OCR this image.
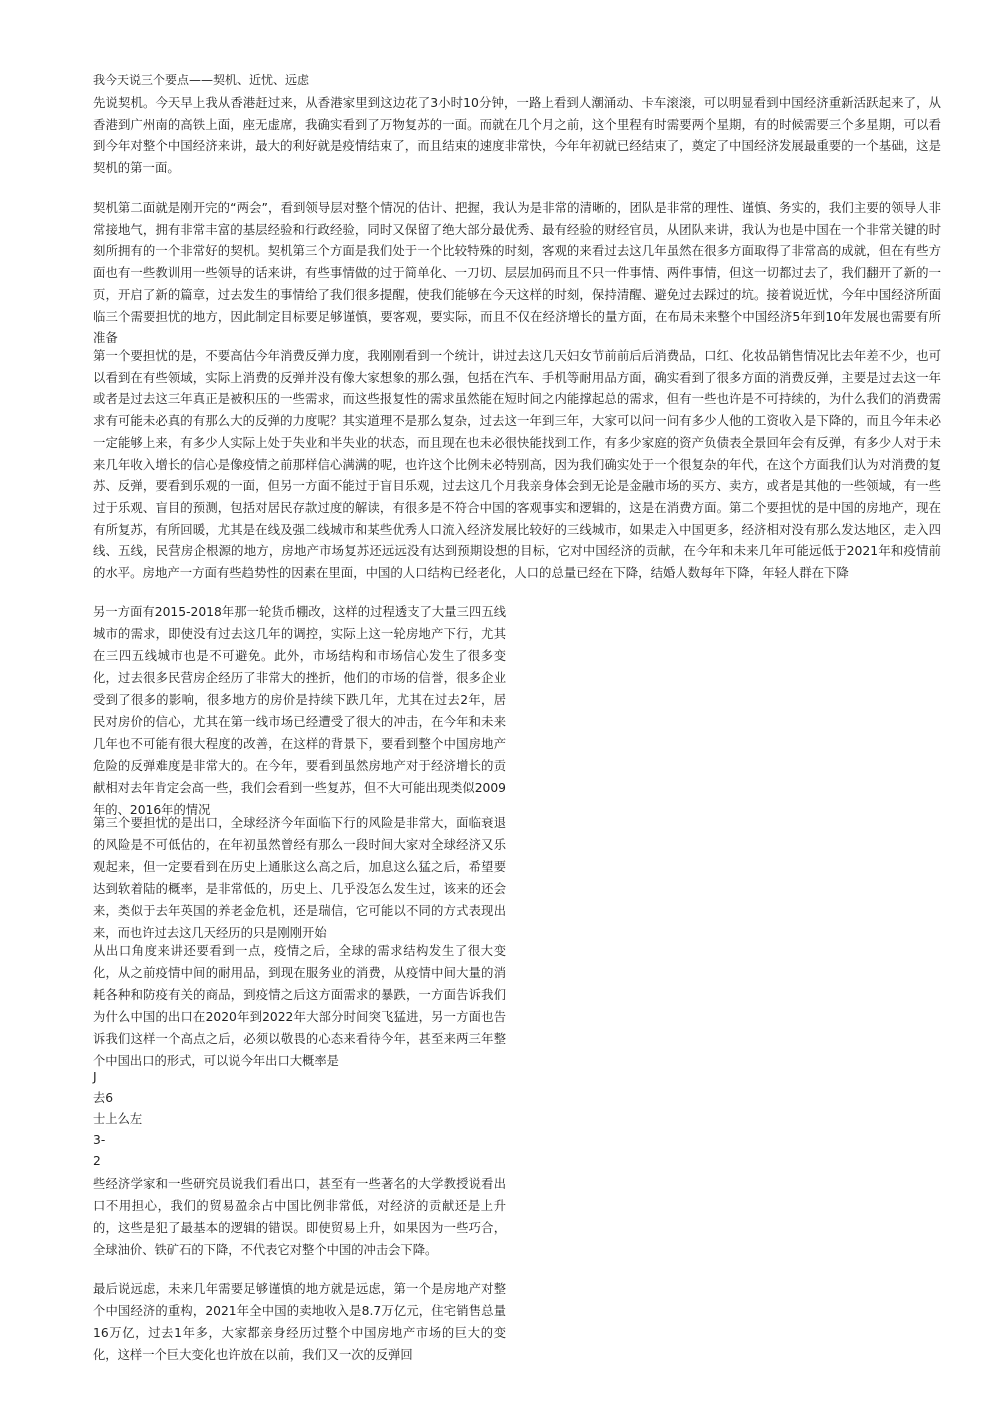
我今天说三个要点——契机、近忧、远虑
先说契机。今天早上我从香港赶过来，从香港家里到这边花了3小时10分钟，一路上看到人潮涌动、卡车滚滚，可以明显看到中国经济重新活跃起来了，从香港到广州南的高铁上面，座无虚席，我确实看到了万物复苏的一面。而就在几个月之前，这个里程有时需要两个星期，有的时候需要三个多星期，可以看到今年对整个中国经济来讲，最大的利好就是疫情结束了，而且结束的速度非常快，今年年初就已经结束了，奠定了中国经济发展最重要的一个基础，这是契机的第一面。
契机第二面就是刚开完的“两会”，看到领导层对整个情况的估计、把握，我认为是非常的清晰的，团队是非常的理性、谨慎、务实的，我们主要的领导人非常接地气，拥有非常丰富的基层经验和行政经验，同时又保留了绝大部分最优秀、最有经验的财经官员，从团队来讲，我认为也是中国在一个非常关键的时刻所拥有的一个非常好的契机。契机第三个方面是我们处于一个比较特殊的时刻，客观的来看过去这几年虽然在很多方面取得了非常高的成就，但在有些方面也有一些教训用一些领导的话来讲，有些事情做的过于简单化、一刀切、层层加码而且不只一件事情、两件事情，但这一切都过去了，我们翻开了新的一页，开启了新的篇章，过去发生的事情给了我们很多提醒，使我们能够在今天这样的时刻，保持清醒、避免过去踩过的坑。接着说近忧，今年中国经济所面临三个需要担忧的地方，因此制定目标要足够谨慎，要客观，要实际，而且不仅在经济增长的量方面，在布局未来整个中国经济5年到10年发展也需要有所准备
第一个要担忧的是，不要高估今年消费反弹力度，我刚刚看到一个统计，讲过去这几天妇女节前前后后消费品，口红、化妆品销售情况比去年差不少，也可以看到在有些领域，实际上消费的反弹并没有像大家想象的那么强，包括在汽车、手机等耐用品方面，确实看到了很多方面的消费反弹，主要是过去这一年或者是过去这三年真正是被积压的一些需求，而这些报复性的需求虽然能在短时间之内能撑起总的需求，但有一些也许是不可持续的，为什么我们的消费需求有可能未必真的有那么大的反弹的力度呢？其实道理不是那么复杂，过去这一年到三年，大家可以问一问有多少人他的工资收入是下降的，而且今年未必一定能够上来，有多少人实际上处于失业和半失业的状态，而且现在也未必很快能找到工作，有多少家庭的资产负债表全景回年会有反弹，有多少人对于未来几年收入增长的信心是像疫情之前那样信心满满的呢，也许这个比例未必特别高，因为我们确实处于一个很复杂的年代，在这个方面我们认为对消费的复苏、反弹，要看到乐观的一面，但另一方面不能过于盲目乐观，过去这几个月我亲身体会到无论是金融市场的买方、卖方，或者是其他的一些领域，有一些过于乐观、盲目的预测，包括对居民存款过度的解读，有很多是不符合中国的客观事实和逻辑的，这是在消费方面。第二个要担忧的是中国的房地产，现在有所复苏，有所回暖，尤其是在线及强二线城市和某些优秀人口流入经济发展比较好的三线城市，如果走入中国更多，经济相对没有那么发达地区，走入四线、五线，民营房企根源的地方，房地产市场复苏还远远没有达到预期设想的目标，它对中国经济的贡献，在今年和未来几年可能远低于2021年和疫情前的水平。房地产一方面有些趋势性的因素在里面，中国的人口结构已经老化，人口的总量已经在下降，结婚人数每年下降，年轻人群在下降
另一方面有2015-2018年那一轮货币棚改，这样的过程透支了大量三四五线城市的需求，即使没有过去这几年的调控，实际上这一轮房地产下行，尤其在三四五线城市也是不可避免。此外，市场结构和市场信心发生了很多变化，过去很多民营房企经历了非常大的挫折，他们的市场的信誉，很多企业受到了很多的影响，很多地方的房价是持续下跌几年，尤其在过去2年，居民对房价的信心，尤其在第一线市场已经遭受了很大的冲击，在今年和未来几年也不可能有很大程度的改善，在这样的背景下，要看到整个中国房地产危险的反弹难度是非常大的。在今年，要看到虽然房地产对于经济增长的贡献相对去年肯定会高一些，我们会看到一些复苏，但不大可能出现类似2009年的、2016年的情况
第三个要担忧的是出口，全球经济今年面临下行的风险是非常大，面临衰退的风险是不可低估的，在年初虽然曾经有那么一段时间大家对全球经济又乐观起来，但一定要看到在历史上通胀这么高之后，加息这么猛之后，希望要达到软着陆的概率，是非常低的，历史上、几乎没怎么发生过，该来的还会来，类似于去年英国的养老金危机，还是瑞信，它可能以不同的方式表现出来，而也许过去这几天经历的只是刚刚开始
从出口角度来讲还要看到一点，疫情之后，全球的需求结构发生了很大变化，从之前疫情中间的耐用品，到现在服务业的消费，从疫情中间大量的消耗各种和防疫有关的商品，到疫情之后这方面需求的暴跌，一方面告诉我们为什么中国的出口在2020年到2022年大部分时间突飞猛进，另一方面也告诉我们这样一个高点之后，必须以敬畏的心态来看待今年，甚至来两三年整个中国出口的形式，可以说今年出口大概率是
J
去6
士上么左
3-
2
些经济学家和一些研究员说我们看出口，甚至有一些著名的大学教授说看出口不用担心，我们的贸易盈余占中国比例非常低，对经济的贡献还是上升的，这些是犯了最基本的逻辑的错误。即使贸易上升，如果因为一些巧合，全球油价、铁矿石的下降，不代表它对整个中国的冲击会下降。
最后说远虑，未来几年需要足够谨慎的地方就是远虑，第一个是房地产对整个中国经济的重构，2021年全中国的卖地收入是8.7万亿元，住宅销售总量16万亿，过去1年多，大家都亲身经历过整个中国房地产市场的巨大的变化，这样一个巨大变化也许放在以前，我们又一次的反弹回
